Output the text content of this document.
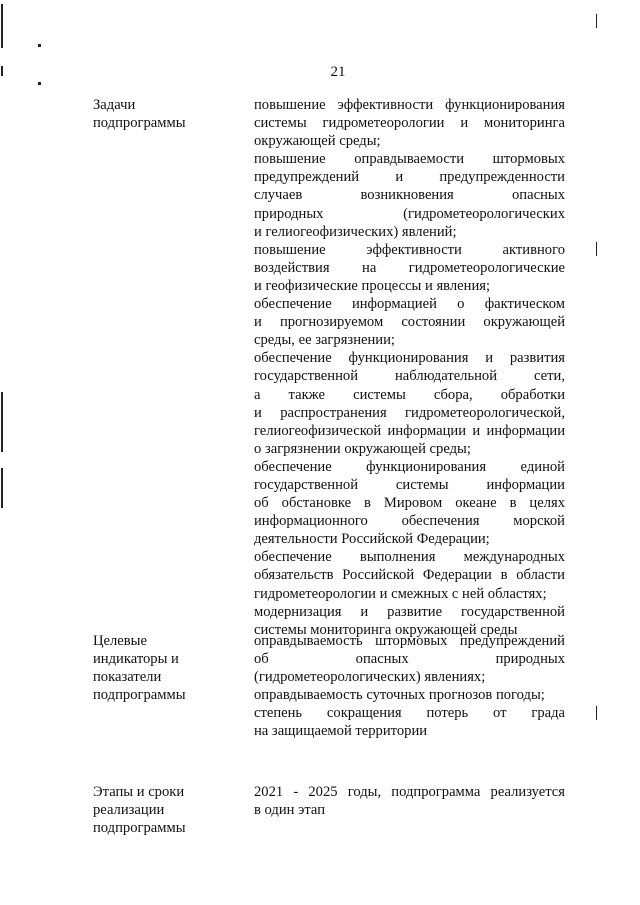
21
Задачи
подпрограммы
повышение эффективности функционирования
системы гидрометеорологии и мониторинга
окружающей среды;
повышение оправдываемости штормовых
предупреждений и предупрежденности
случаев возникновения опасных
природных (гидрометеорологических
и гелиогеофизических) явлений;
повышение эффективности активного
воздействия на гидрометеорологические
и геофизические процессы и явления;
обеспечение информацией о фактическом
и прогнозируемом состоянии окружающей
среды, ее загрязнении;
обеспечение функционирования и развития
государственной наблюдательной сети,
а также системы сбора, обработки
и распространения гидрометеорологической,
гелиогеофизической информации и информации
о загрязнении окружающей среды;
обеспечение функционирования единой
государственной системы информации
об обстановке в Мировом океане в целях
информационного обеспечения морской
деятельности Российской Федерации;
обеспечение выполнения международных
обязательств Российской Федерации в области
гидрометеорологии и смежных с ней областях;
модернизация и развитие государственной
системы мониторинга окружающей среды
Целевые
индикаторы и
показатели
подпрограммы
оправдываемость штормовых предупреждений
об опасных природных
(гидрометеорологических) явлениях;
оправдываемость суточных прогнозов погоды;
степень сокращения потерь от града
на защищаемой территории
Этапы и сроки
реализации
подпрограммы
2021 - 2025 годы, подпрограмма реализуется
в один этап
